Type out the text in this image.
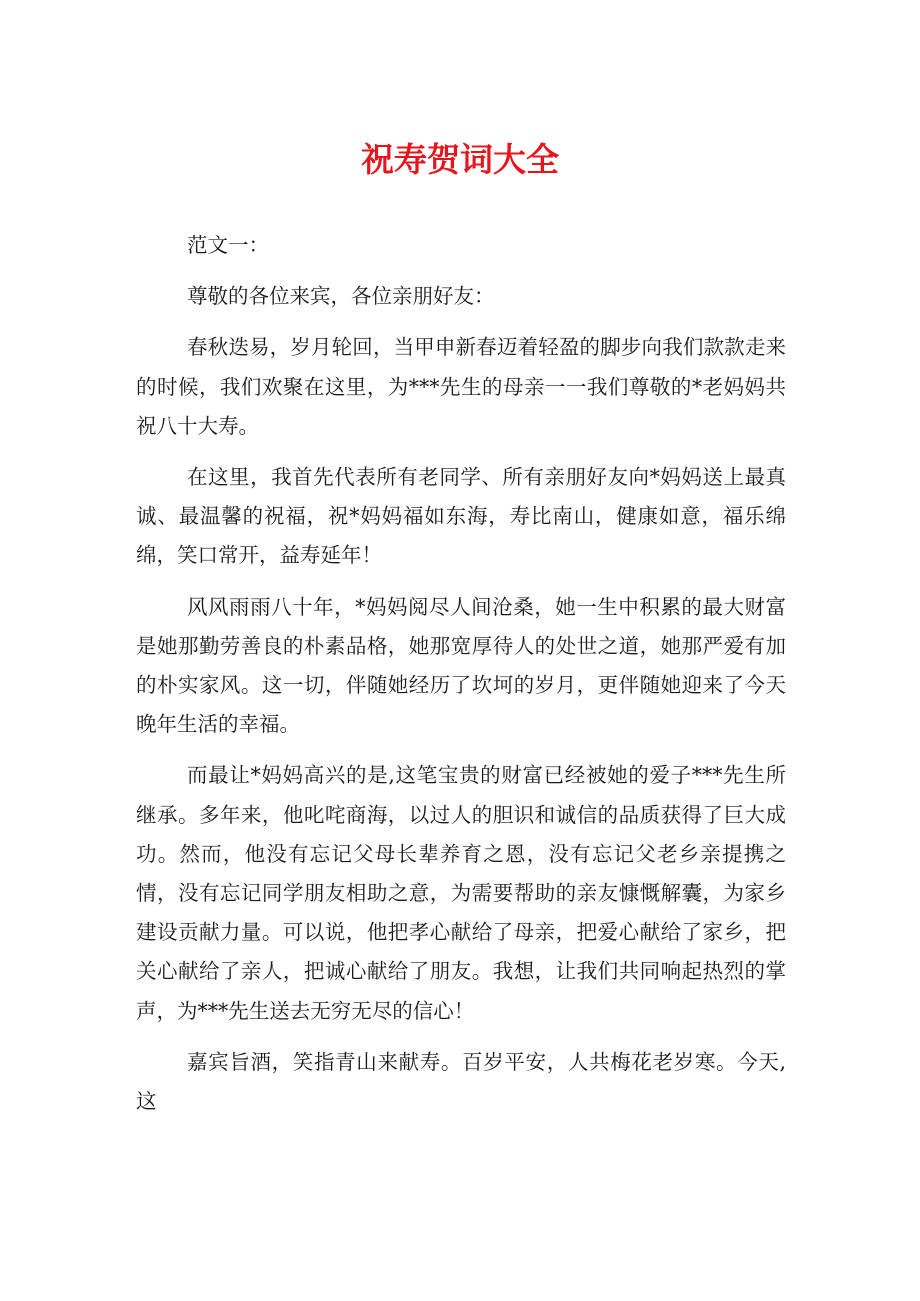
祝寿贺词大全

范文一：

尊敬的各位来宾，各位亲朋好友：

春秋迭易，岁月轮回，当甲申新春迈着轻盈的脚步向我们款款走来的时候，我们欢聚在这里，为***先生的母亲一一我们尊敬的*老妈妈共祝八十大寿。

在这里，我首先代表所有老同学、所有亲朋好友向*妈妈送上最真诚、最温馨的祝福，祝*妈妈福如东海，寿比南山，健康如意，福乐绵绵，笑口常开，益寿延年！

风风雨雨八十年，*妈妈阅尽人间沧桑，她一生中积累的最大财富是她那勤劳善良的朴素品格，她那宽厚待人的处世之道，她那严爱有加的朴实家风。这一切，伴随她经历了坎坷的岁月，更伴随她迎来了今天晚年生活的幸福。

而最让*妈妈高兴的是,这笔宝贵的财富已经被她的爱子***先生所继承。多年来，他叱咤商海，以过人的胆识和诚信的品质获得了巨大成功。然而，他没有忘记父母长辈养育之恩，没有忘记父老乡亲提携之情，没有忘记同学朋友相助之意，为需要帮助的亲友慷慨解囊，为家乡建设贡献力量。可以说，他把孝心献给了母亲，把爱心献给了家乡，把关心献给了亲人，把诚心献给了朋友。我想，让我们共同响起热烈的掌声，为***先生送去无穷无尽的信心！

嘉宾旨酒，笑指青山来献寿。百岁平安，人共梅花老岁寒。今天,这
